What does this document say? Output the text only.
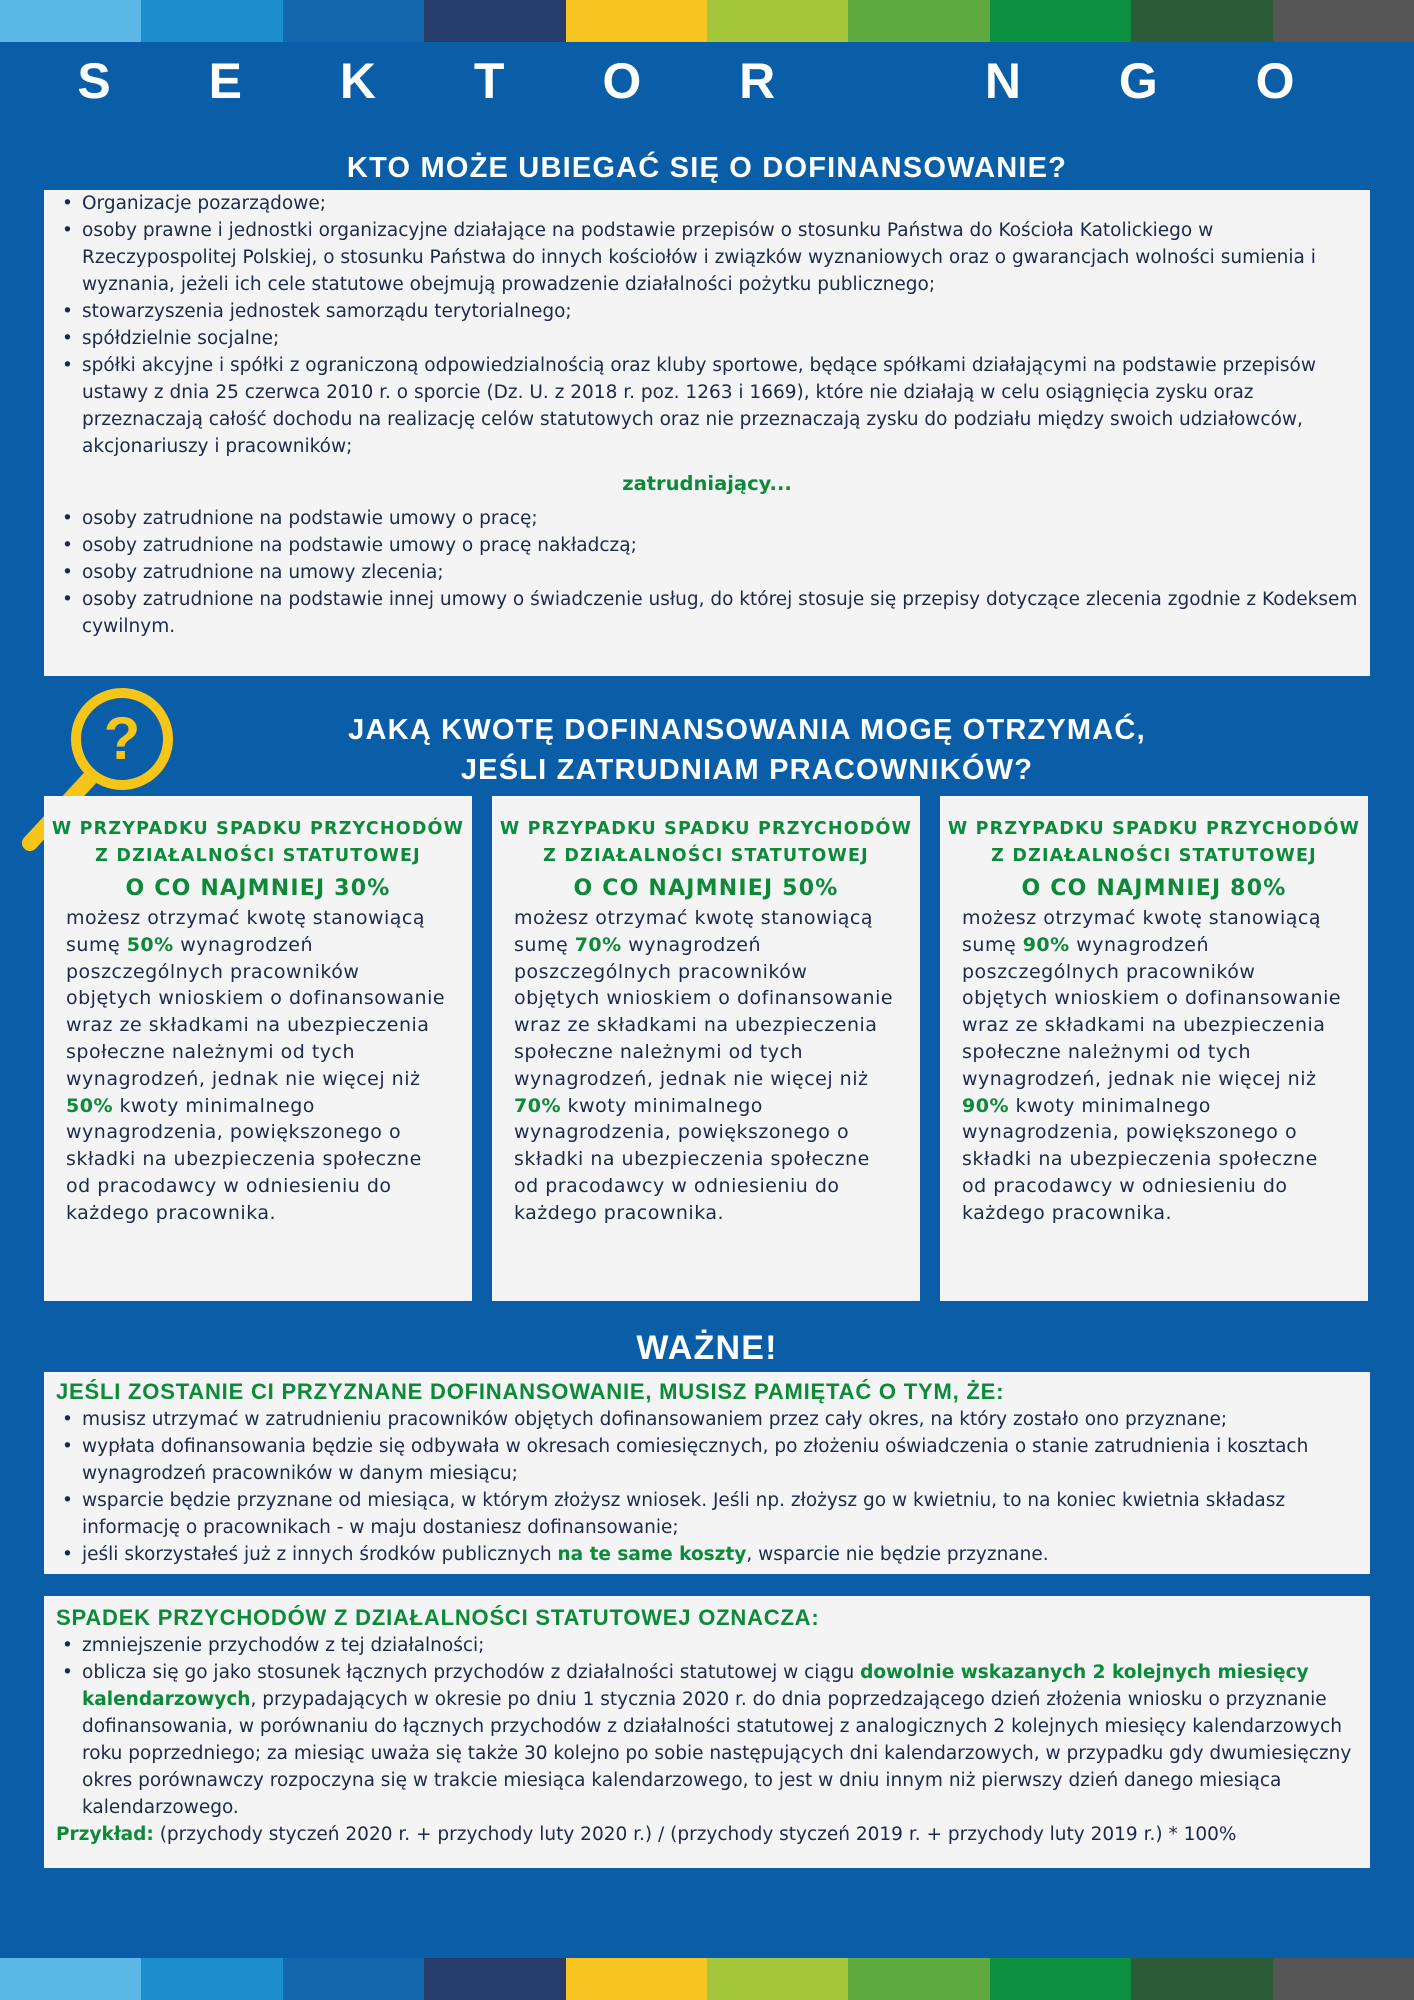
S E K T O R   N G O
KTO MOŻE UBIEGAĆ SIĘ O DOFINANSOWANIE?
• Organizacje pozarządowe;
• osoby prawne i jednostki organizacyjne działające na podstawie przepisów o stosunku Państwa do Kościoła Katolickiego w Rzeczypospolitej Polskiej, o stosunku Państwa do innych kościołów i związków wyznaniowych oraz o gwarancjach wolności sumienia i wyznania, jeżeli ich cele statutowe obejmują prowadzenie działalności pożytku publicznego;
• stowarzyszenia jednostek samorządu terytorialnego;
• spółdzielnie socjalne;
• spółki akcyjne i spółki z ograniczoną odpowiedzialnością oraz kluby sportowe, będące spółkami działającymi na podstawie przepisów ustawy z dnia 25 czerwca 2010 r. o sporcie (Dz. U. z 2018 r. poz. 1263 i 1669), które nie działają w celu osiągnięcia zysku oraz przeznaczają całość dochodu na realizację celów statutowych oraz nie przeznaczają zysku do podziału między swoich udziałowców, akcjonariuszy i pracowników;
zatrudniający...
• osoby zatrudnione na podstawie umowy o pracę;
• osoby zatrudnione na podstawie umowy o pracę nakładczą;
• osoby zatrudnione na umowy zlecenia;
• osoby zatrudnione na podstawie innej umowy o świadczenie usług, do której stosuje się przepisy dotyczące zlecenia zgodnie z Kodeksem cywilnym.
?	JAKĄ KWOTĘ DOFINANSOWANIA MOGĘ OTRZYMAĆ,
JEŚLI ZATRUDNIAM PRACOWNIKÓW?
W PRZYPADKU SPADKU PRZYCHODÓW Z DZIAŁALNOŚCI STATUTOWEJ
O CO NAJMNIEJ 30%
możesz otrzymać kwotę stanowiącą sumę 50% wynagrodzeń poszczególnych pracowników objętych wnioskiem o dofinansowanie wraz ze składkami na ubezpieczenia społeczne należnymi od tych wynagrodzeń, jednak nie więcej niż 50% kwoty minimalnego wynagrodzenia, powiększonego o składki na ubezpieczenia społeczne od pracodawcy w odniesieniu do każdego pracownika.
W PRZYPADKU SPADKU PRZYCHODÓW Z DZIAŁALNOŚCI STATUTOWEJ
O CO NAJMNIEJ 50%
możesz otrzymać kwotę stanowiącą sumę 70% wynagrodzeń poszczególnych pracowników objętych wnioskiem o dofinansowanie wraz ze składkami na ubezpieczenia społeczne należnymi od tych wynagrodzeń, jednak nie więcej niż 70% kwoty minimalnego wynagrodzenia, powiększonego o składki na ubezpieczenia społeczne od pracodawcy w odniesieniu do każdego pracownika.
W PRZYPADKU SPADKU PRZYCHODÓW Z DZIAŁALNOŚCI STATUTOWEJ
O CO NAJMNIEJ 80%
możesz otrzymać kwotę stanowiącą sumę 90% wynagrodzeń poszczególnych pracowników objętych wnioskiem o dofinansowanie wraz ze składkami na ubezpieczenia społeczne należnymi od tych wynagrodzeń, jednak nie więcej niż 90% kwoty minimalnego wynagrodzenia, powiększonego o składki na ubezpieczenia społeczne od pracodawcy w odniesieniu do każdego pracownika.
WAŻNE!
JEŚLI ZOSTANIE CI PRZYZNANE DOFINANSOWANIE, MUSISZ PAMIĘTAĆ O TYM, ŻE:
• musisz utrzymać w zatrudnieniu pracowników objętych dofinansowaniem przez cały okres, na który zostało ono przyznane;
• wypłata dofinansowania będzie się odbywała w okresach comiesięcznych, po złożeniu oświadczenia o stanie zatrudnienia i kosztach wynagrodzeń pracowników w danym miesiącu;
• wsparcie będzie przyznane od miesiąca, w którym złożysz wniosek. Jeśli np. złożysz go w kwietniu, to na koniec kwietnia składasz informację o pracownikach - w maju dostaniesz dofinansowanie;
• jeśli skorzystałeś już z innych środków publicznych na te same koszty, wsparcie nie będzie przyznane.
SPADEK PRZYCHODÓW Z DZIAŁALNOŚCI STATUTOWEJ OZNACZA:
• zmniejszenie przychodów z tej działalności;
• oblicza się go jako stosunek łącznych przychodów z działalności statutowej w ciągu dowolnie wskazanych 2 kolejnych miesięcy kalendarzowych, przypadających w okresie po dniu 1 stycznia 2020 r. do dnia poprzedzającego dzień złożenia wniosku o przyznanie dofinansowania, w porównaniu do łącznych przychodów z działalności statutowej z analogicznych 2 kolejnych miesięcy kalendarzowych roku poprzedniego; za miesiąc uważa się także 30 kolejno po sobie następujących dni kalendarzowych, w przypadku gdy dwumiesięczny okres porównawczy rozpoczyna się w trakcie miesiąca kalendarzowego, to jest w dniu innym niż pierwszy dzień danego miesiąca kalendarzowego.
Przykład: (przychody styczeń 2020 r. + przychody luty 2020 r.) / (przychody styczeń 2019 r. + przychody luty 2019 r.) * 100%
